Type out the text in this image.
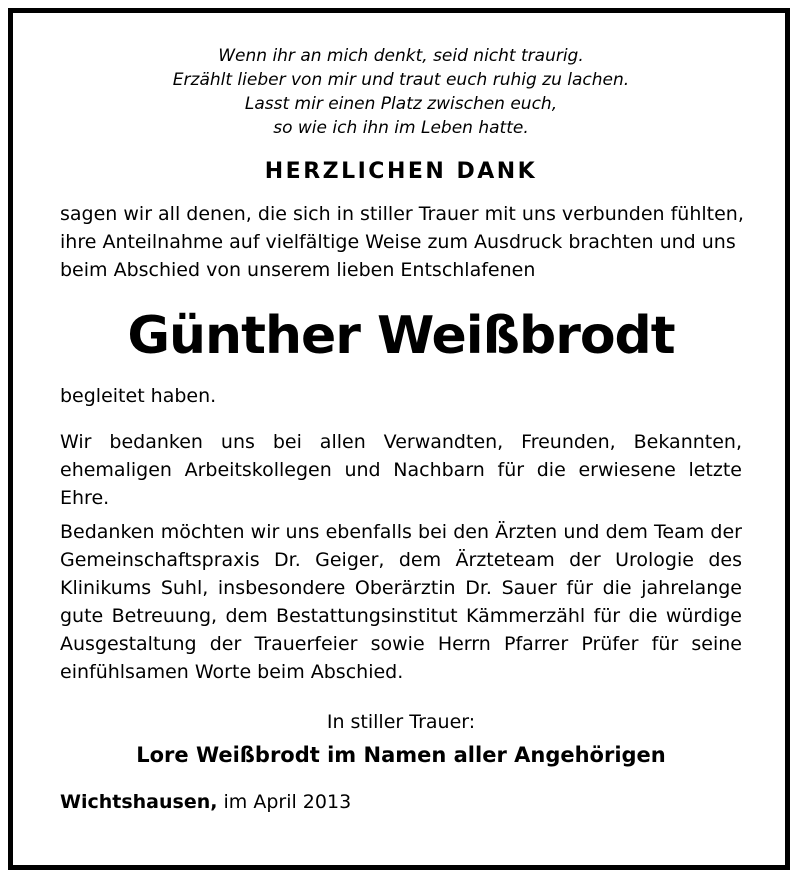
Wenn ihr an mich denkt, seid nicht traurig.
Erzählt lieber von mir und traut euch ruhig zu lachen.
Lasst mir einen Platz zwischen euch,
so wie ich ihn im Leben hatte.
HERZLICHEN DANK
sagen wir all denen, die sich in stiller Trauer mit uns verbunden fühlten,
ihre Anteilnahme auf vielfältige Weise zum Ausdruck brachten und uns
beim Abschied von unserem lieben Entschlafenen
Günther Weißbrodt
begleitet haben.
Wir bedanken uns bei allen Verwandten, Freunden, Bekannten, ehemaligen Arbeitskollegen und Nachbarn für die erwiesene letzte Ehre.
Bedanken möchten wir uns ebenfalls bei den Ärzten und dem Team der Gemeinschaftspraxis Dr. Geiger, dem Ärzteteam der Urologie des Klinikums Suhl, insbesondere Oberärztin Dr. Sauer für die jahrelange gute Betreuung, dem Bestattungsinstitut Kämmerzähl für die würdige Ausgestaltung der Trauerfeier sowie Herrn Pfarrer Prüfer für seine einfühlsamen Worte beim Abschied.
In stiller Trauer:
Lore Weißbrodt im Namen aller Angehörigen
Wichtshausen, im April 2013
